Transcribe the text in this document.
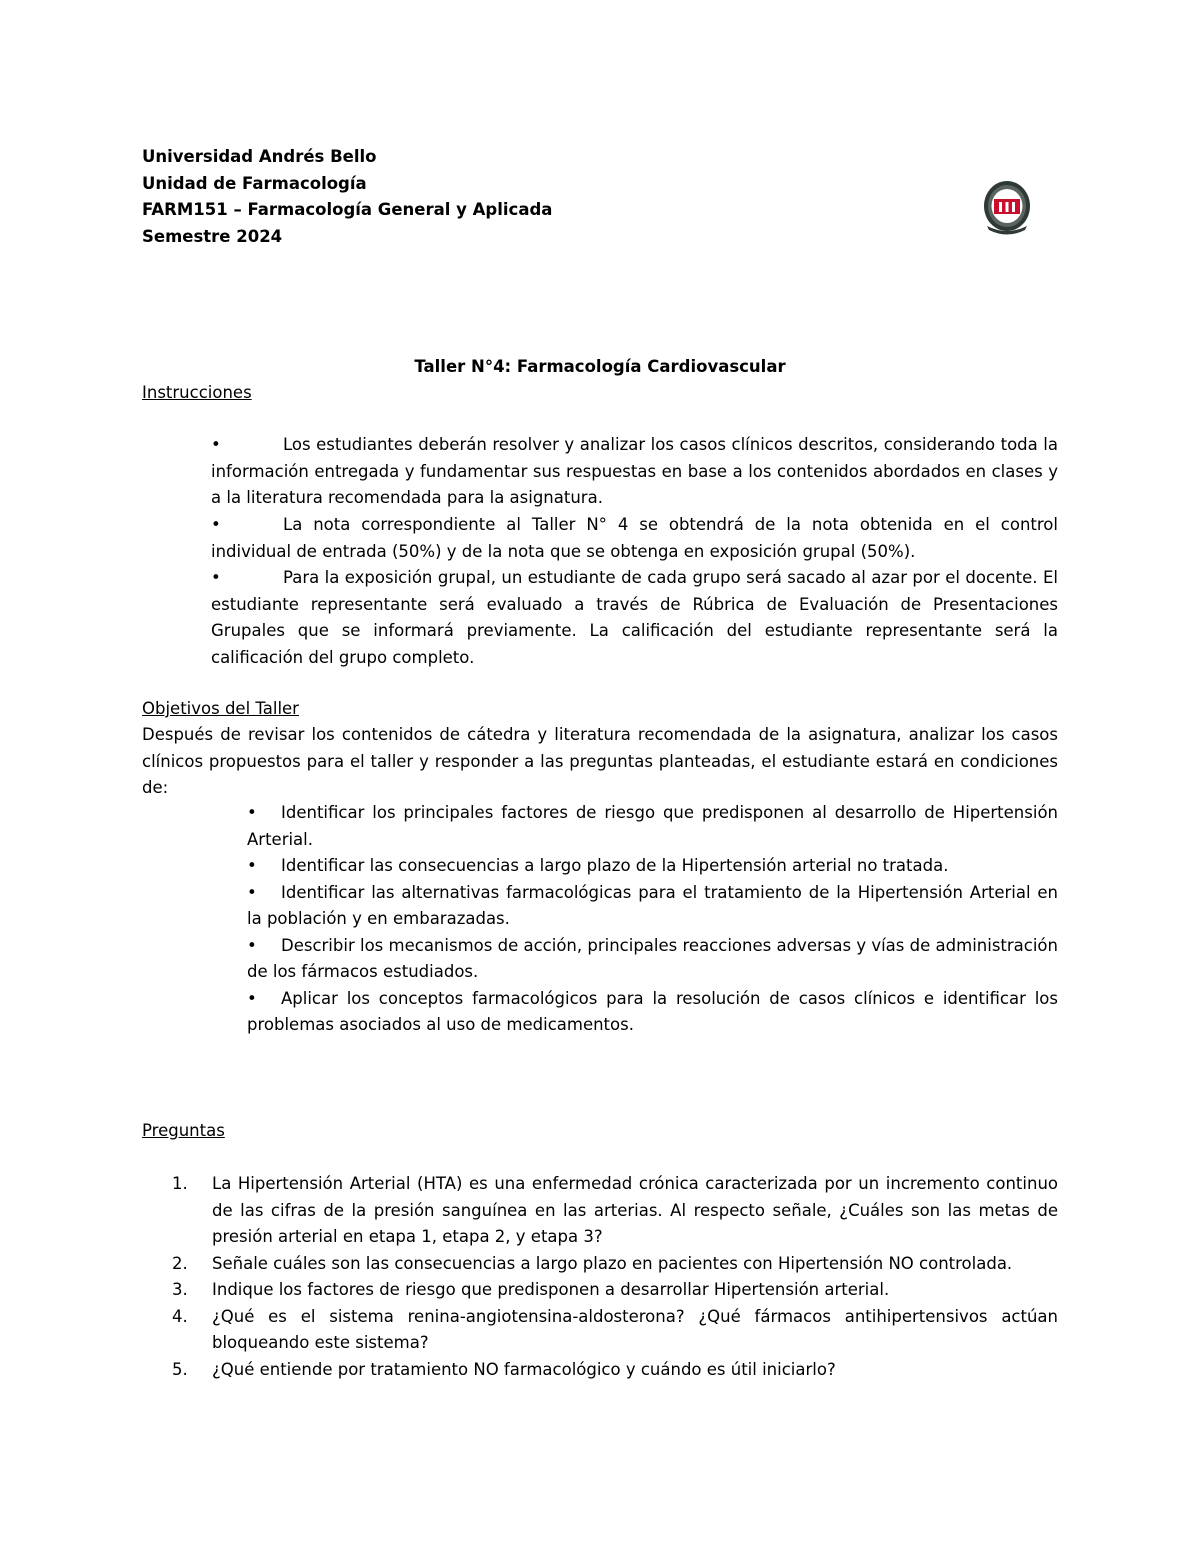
Universidad Andrés Bello
Unidad de Farmacología
FARM151 – Farmacología General y Aplicada
Semestre 2024
Taller N°4: Farmacología Cardiovascular
Instrucciones
•	Los estudiantes deberán resolver y analizar los casos clínicos descritos, considerando toda la información entregada y fundamentar sus respuestas en base a los contenidos abordados en clases y a la literatura recomendada para la asignatura.
•	La nota correspondiente al Taller N° 4 se obtendrá de la nota obtenida en el control individual de entrada (50%) y de la nota que se obtenga en exposición grupal (50%).
•	Para la exposición grupal, un estudiante de cada grupo será sacado al azar por el docente. El estudiante representante será evaluado a través de Rúbrica de Evaluación de Presentaciones Grupales que se informará previamente. La calificación del estudiante representante será la calificación del grupo completo.
Objetivos del Taller
Después de revisar los contenidos de cátedra y literatura recomendada de la asignatura, analizar los casos clínicos propuestos para el taller y responder a las preguntas planteadas, el estudiante estará en condiciones de:
• Identificar los principales factores de riesgo que predisponen al desarrollo de Hipertensión Arterial.
• Identificar las consecuencias a largo plazo de la Hipertensión arterial no tratada.
• Identificar las alternativas farmacológicas para el tratamiento de la Hipertensión Arterial en la población y en embarazadas.
• Describir los mecanismos de acción, principales reacciones adversas y vías de administración de los fármacos estudiados.
• Aplicar los conceptos farmacológicos para la resolución de casos clínicos e identificar los problemas asociados al uso de medicamentos.
Preguntas
1. La Hipertensión Arterial (HTA) es una enfermedad crónica caracterizada por un incremento continuo de las cifras de la presión sanguínea en las arterias. Al respecto señale, ¿Cuáles son las metas de presión arterial en etapa 1, etapa 2, y etapa 3?
2. Señale cuáles son las consecuencias a largo plazo en pacientes con Hipertensión NO controlada.
3. Indique los factores de riesgo que predisponen a desarrollar Hipertensión arterial.
4. ¿Qué es el sistema renina-angiotensina-aldosterona? ¿Qué fármacos antihipertensivos actúan bloqueando este sistema?
5. ¿Qué entiende por tratamiento NO farmacológico y cuándo es útil iniciarlo?
